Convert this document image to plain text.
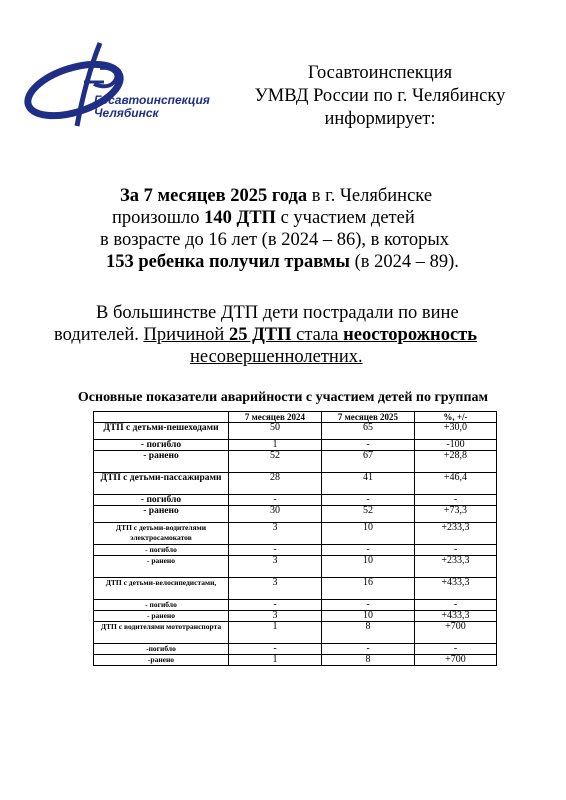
Госавтоинспекция
Челябинск
Госавтоинспекция
УМВД России по г. Челябинску
информирует:
За 7 месяцев 2025 года в г. Челябинске
произошло 140 ДТП с участием детей
в возрасте до 16 лет (в 2024 – 86), в которых
153 ребенка получил травмы (в 2024 – 89).
В большинстве ДТП дети пострадали по вине
водителей. Причиной 25 ДТП стала неосторожность
несовершеннолетних.
Основные показатели аварийности с участием детей по группам
	7 месяцев 2024	7 месяцев 2025	%, +/-
ДТП с детьми-пешеходами	50	65	+30,0
- погибло	1	-	-100
- ранено	52	67	+28,8
ДТП с детьми-пассажирами	28	41	+46,4
- погибло	-	-	-
- ранено	30	52	+73,3
ДТП с детьми-водителями электросамокатов	3	10	+233,3
- погибло	-	-	-
- ранено	3	10	+233,3
ДТП с детьми-велосипедистами,	3	16	+433,3
- погибло	-	-	-
- ранено	3	10	+433,3
ДТП с водителями мототранспорта	1	8	+700
-погибло	-	-	-
-ранено	1	8	+700
